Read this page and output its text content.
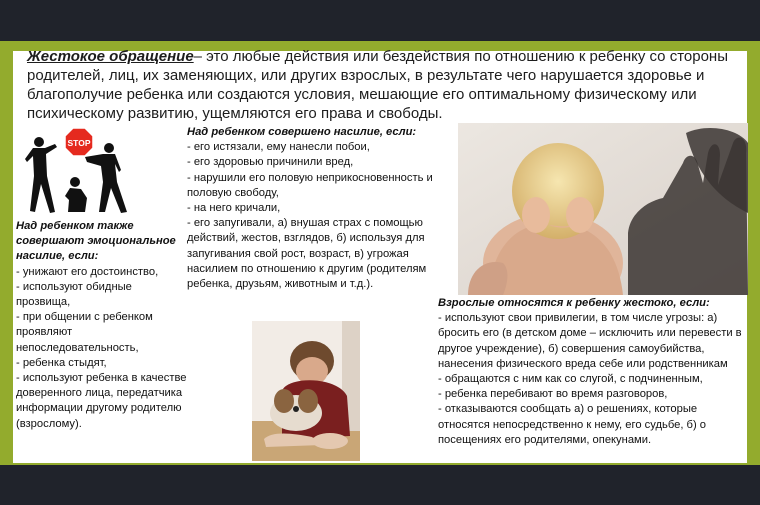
Жестокое обращение– это любые действия или бездействия по отношению к ребенку со стороны родителей, лиц, их заменяющих, или других взрослых, в результате чего нарушается здоровье и благополучие ребенка или создаются условия, мешающие его оптимальному физическому или психическому развитию, ущемляются его права и свободы.

STOP
Над ребенком также совершают эмоциональное насилие, если:
- унижают его достоинство,
- используют обидные прозвища,
- при общении с ребенком проявляют непоследовательность,
- ребенка стыдят,
- используют ребенка в качестве доверенного лица, передатчика информации другому родителю (взрослому).
Над ребенком совершено насилие, если:
- его истязали, ему нанесли побои,
- его здоровью причинили вред,
- нарушили его половую неприкосновенность и половую свободу,
- на него кричали,
- его запугивали, а) внушая страх с помощью действий, жестов, взглядов, б) используя для запугивания свой рост, возраст, в) угрожая насилием по отношению к другим (родителям ребенка, друзьям, животным и т.д.).
Взрослые относятся к ребенку жестоко, если:
- используют свои привилегии, в том числе угрозы: а) бросить его (в детском доме – исключить или перевести в другое учреждение), б) совершения самоубийства, нанесения физического вреда себе или родственникам
- обращаются с ним как со слугой, с подчиненным,
- ребенка перебивают во время разговоров,
- отказываются сообщать а) о решениях, которые относятся непосредственно к нему, его судьбе, б) о посещениях его родителями, опекунами.
